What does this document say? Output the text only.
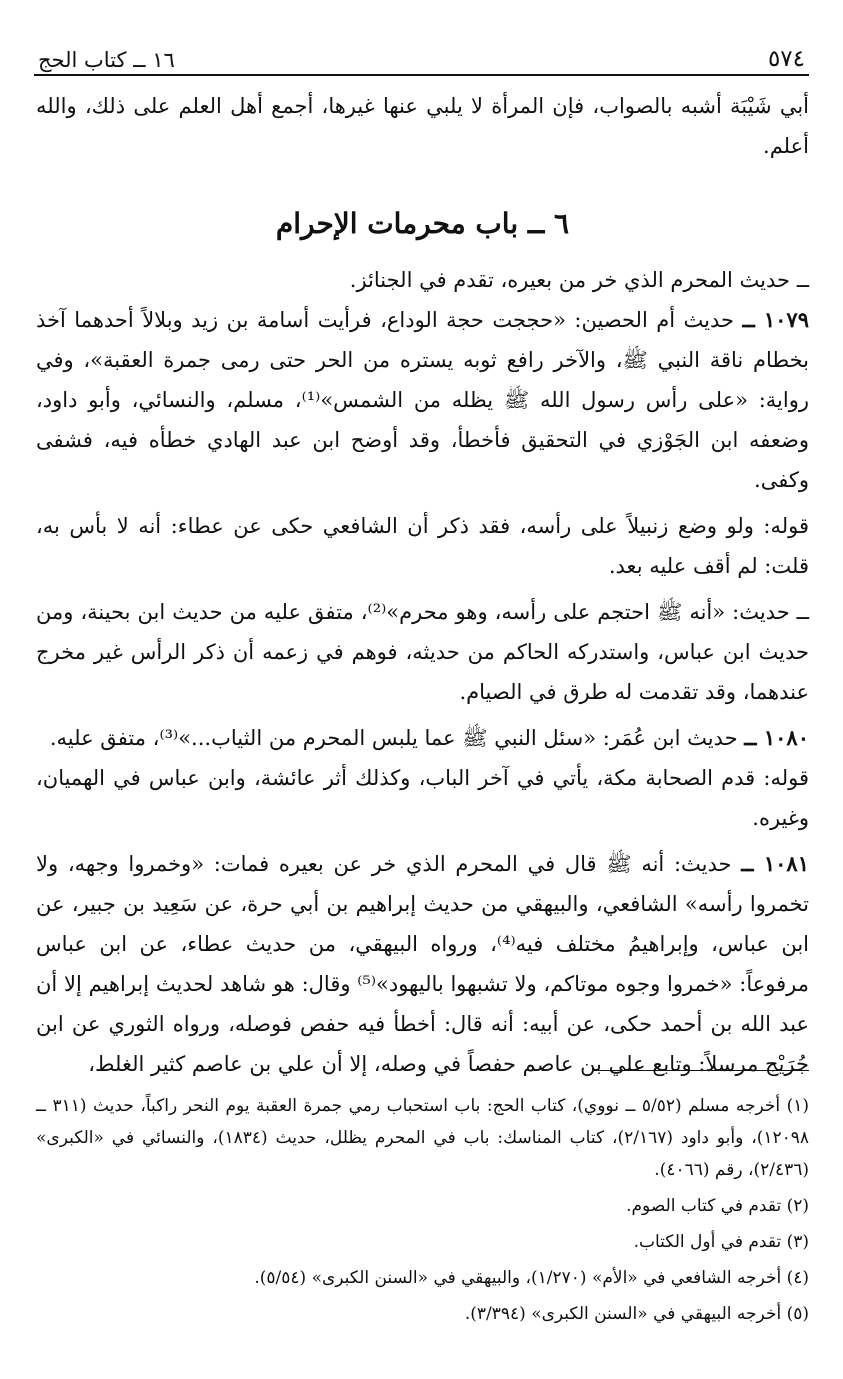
٥٧٤
١٦ ــ كتاب الحج

أبي شَيْبَة أشبه بالصواب، فإن المرأة لا يلبي عنها غيرها، أجمع أهل العلم على ذلك، والله أعلم.

٦ ــ باب محرمات الإحرام

ــ حديث المحرم الذي خر من بعيره، تقدم في الجنائز.

١٠٧٩ ــ حديث أم الحصين: «حججت حجة الوداع، فرأيت أسامة بن زيد وبلالاً أحدهما آخذ بخطام ناقة النبي ﷺ، والآخر رافع ثوبه يستره من الحر حتى رمى جمرة العقبة»، وفي رواية: «على رأس رسول الله ﷺ يظله من الشمس»⁽¹⁾، مسلم، والنسائي، وأبو داود، وضعفه ابن الجَوْزي في التحقيق فأخطأ، وقد أوضح ابن عبد الهادي خطأه فيه، فشفى وكفى.

قوله: ولو وضع زنبيلاً على رأسه، فقد ذكر أن الشافعي حكى عن عطاء: أنه لا بأس به، قلت: لم أقف عليه بعد.

ــ حديث: «أنه ﷺ احتجم على رأسه، وهو محرم»⁽²⁾، متفق عليه من حديث ابن بحينة، ومن حديث ابن عباس، واستدركه الحاكم من حديثه، فوهم في زعمه أن ذكر الرأس غير مخرج عندهما، وقد تقدمت له طرق في الصيام.

١٠٨٠ ــ حديث ابن عُمَر: «سئل النبي ﷺ عما يلبس المحرم من الثياب...»⁽³⁾، متفق عليه.

قوله: قدم الصحابة مكة، يأتي في آخر الباب، وكذلك أثر عائشة، وابن عباس في الهميان، وغيره.

١٠٨١ ــ حديث: أنه ﷺ قال في المحرم الذي خر عن بعيره فمات: «وخمروا وجهه، ولا تخمروا رأسه» الشافعي، والبيهقي من حديث إبراهيم بن أبي حرة، عن سَعِيد بن جبير، عن ابن عباس، وإبراهيمُ مختلف فيه⁽⁴⁾، ورواه البيهقي، من حديث عطاء، عن ابن عباس مرفوعاً: «خمروا وجوه موتاكم، ولا تشبهوا باليهود»⁽⁵⁾ وقال: هو شاهد لحديث إبراهيم إلا أن عبد الله بن أحمد حكى، عن أبيه: أنه قال: أخطأ فيه حفص فوصله، ورواه الثوري عن ابن جُرَيْج مرسلاً: وتابع علي بن عاصم حفصاً في وصله، إلا أن علي بن عاصم كثير الغلط،

(١) أخرجه مسلم (٥/٥٢ ــ نووي)، كتاب الحج: باب استحباب رمي جمرة العقبة يوم النحر راكباً، حديث (٣١١ ــ ١٢٠٩٨)، وأبو داود (٢/١٦٧)، كتاب المناسك: باب في المحرم يظلل، حديث (١٨٣٤)، والنسائي في «الكبرى» (٢/٤٣٦)، رقم (٤٠٦٦).
(٢) تقدم في كتاب الصوم.
(٣) تقدم في أول الكتاب.
(٤) أخرجه الشافعي في «الأم» (١/٢٧٠)، والبيهقي في «السنن الكبرى» (٥/٥٤).
(٥) أخرجه البيهقي في «السنن الكبرى» (٣/٣٩٤).
